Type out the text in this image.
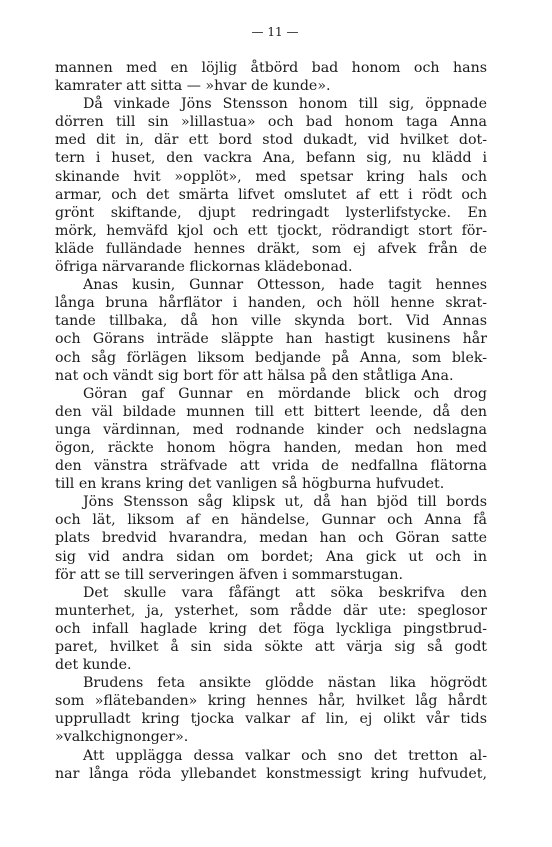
— 11 —
mannen med en löjlig åtbörd bad honom och hans
kamrater att sitta — »hvar de kunde».
Då vinkade Jöns Stensson honom till sig, öppnade
dörren till sin »lillastua» och bad honom taga Anna
med dit in, där ett bord stod dukadt, vid hvilket dot-
tern i huset, den vackra Ana, befann sig, nu klädd i
skinande hvit »opplöt», med spetsar kring hals och
armar, och det smärta lifvet omslutet af ett i rödt och
grönt skiftande, djupt redringadt lysterlifstycke. En
mörk, hemväfd kjol och ett tjockt, rödrandigt stort för-
kläde fulländade hennes dräkt, som ej afvek från de
öfriga närvarande flickornas klädebonad.
Anas kusin, Gunnar Ottesson, hade tagit hennes
långa bruna hårflätor i handen, och höll henne skrat-
tande tillbaka, då hon ville skynda bort. Vid Annas
och Görans inträde släppte han hastigt kusinens hår
och såg förlägen liksom bedjande på Anna, som blek-
nat och vändt sig bort för att hälsa på den ståtliga Ana.
Göran gaf Gunnar en mördande blick och drog
den väl bildade munnen till ett bittert leende, då den
unga värdinnan, med rodnande kinder och nedslagna
ögon, räckte honom högra handen, medan hon med
den vänstra sträfvade att vrida de nedfallna flätorna
till en krans kring det vanligen så högburna hufvudet.
Jöns Stensson såg klipsk ut, då han bjöd till bords
och lät, liksom af en händelse, Gunnar och Anna få
plats bredvid hvarandra, medan han och Göran satte
sig vid andra sidan om bordet; Ana gick ut och in
för att se till serveringen äfven i sommarstugan.
Det skulle vara fåfängt att söka beskrifva den
munterhet, ja, ysterhet, som rådde där ute: speglosor
och infall haglade kring det föga lyckliga pingstbrud-
paret, hvilket å sin sida sökte att värja sig så godt
det kunde.
Brudens feta ansikte glödde nästan lika högrödt
som »flätebanden» kring hennes hår, hvilket låg hårdt
upprulladt kring tjocka valkar af lin, ej olikt vår tids
»valkchignonger».
Att upplägga dessa valkar och sno det tretton al-
nar långa röda yllebandet konstmessigt kring hufvudet,
